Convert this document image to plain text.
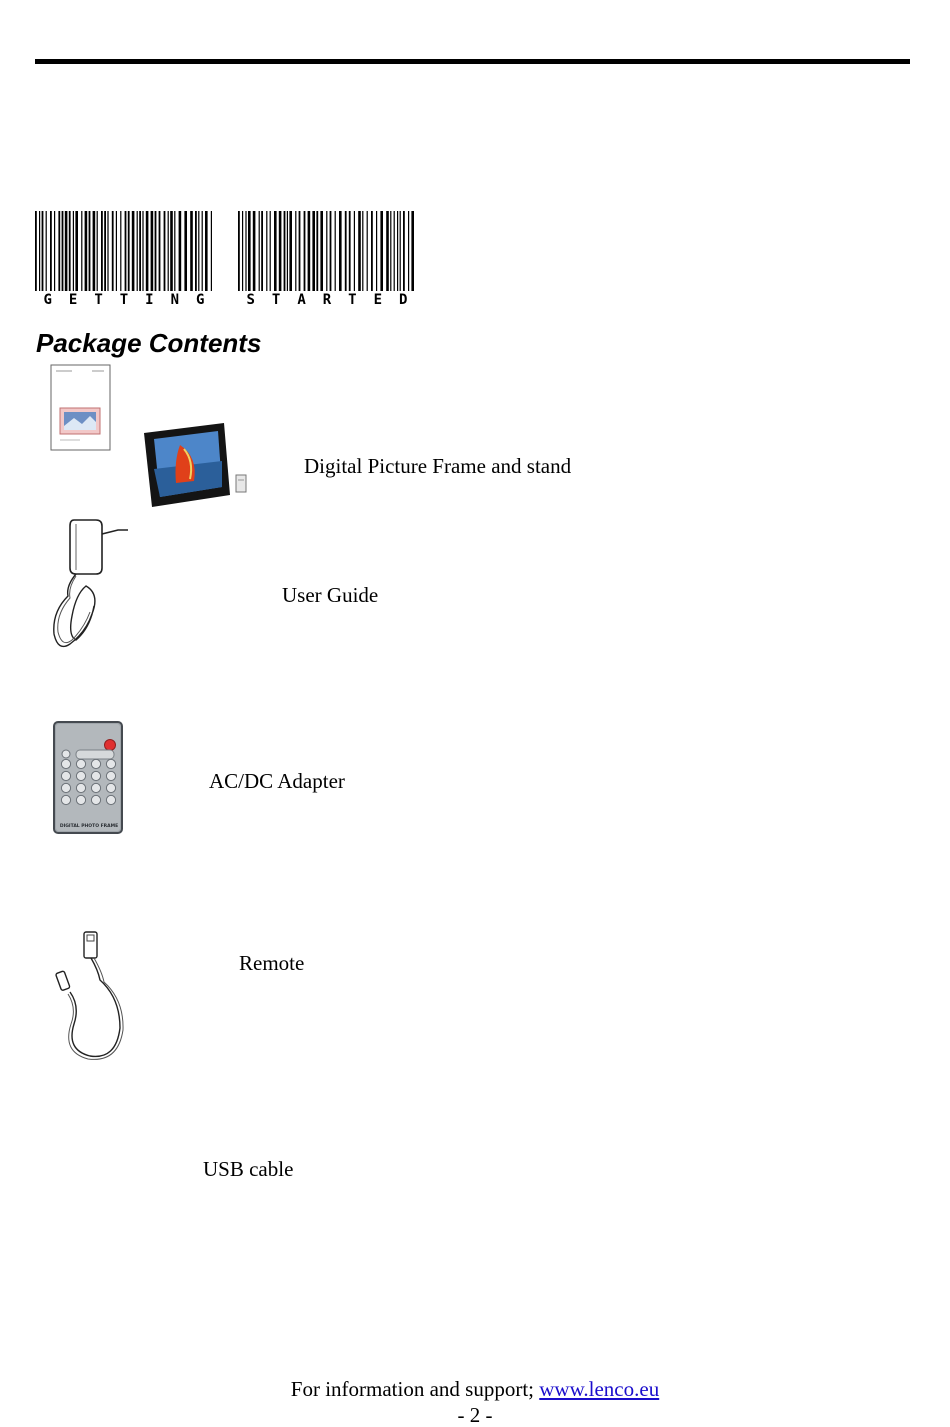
G E T T I N G	S T A R T E D
Package Contents
Digital Picture Frame and stand
User Guide
DIGITAL PHOTO FRAME
AC/DC Adapter
Remote
USB cable
For information and support; www.lenco.eu
- 2 -
